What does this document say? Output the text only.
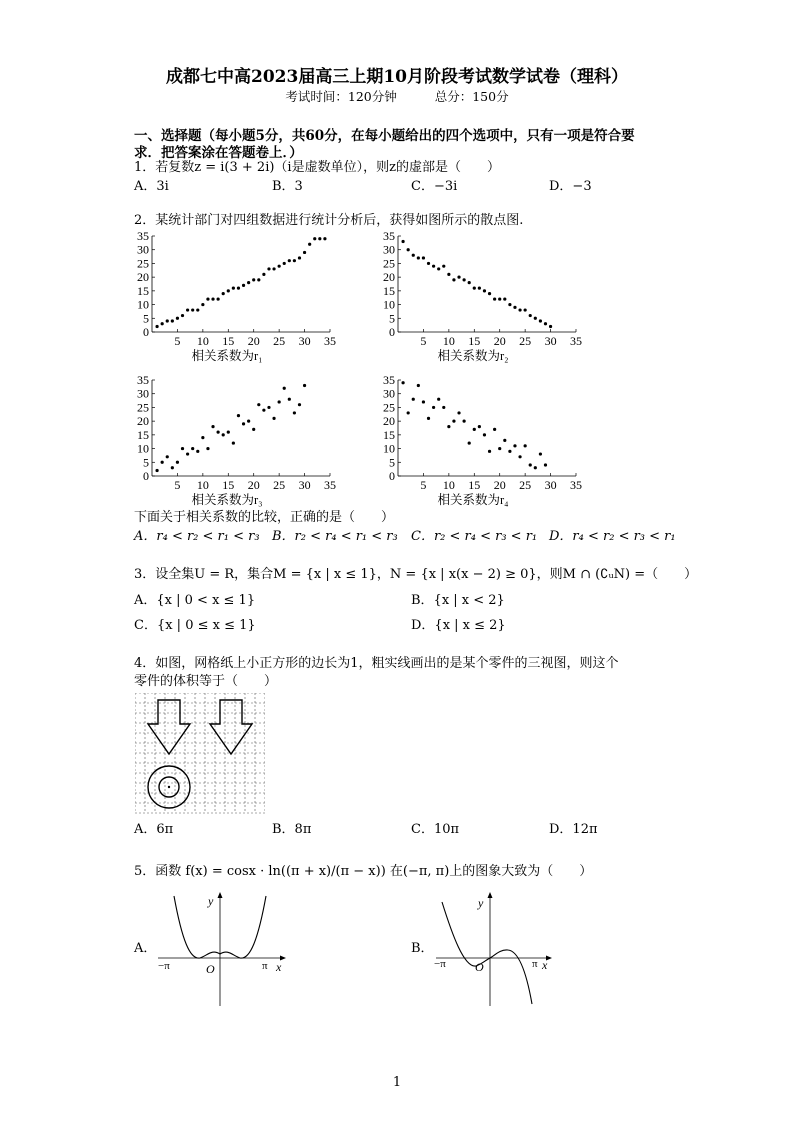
成都七中高2023届高三上期10月阶段考试数学试卷（理科）
考试时间：120分钟	总分：150分
一、选择题（每小题5分，共60分，在每小题给出的四个选项中，只有一项是符合要
求．把答案涂在答题卷上．）
1．若复数z = i(3 + 2i)（i是虚数单位），则z的虚部是（　　）
A．3i	B．3	C．−3i	D．−3
2．某统计部门对四组数据进行统计分析后，获得如图所示的散点图.
0
5
10
15
20
25
30
35
5 10 15 20 25 30 35
相关系数为r₁
0
5
10
15
20
25
30
35
5 10 15 20 25 30 35
相关系数为r₂
0
5
10
15
20
25
30
35
5 10 15 20 25 30 35
相关系数为r₃
0
5
10
15
20
25
30
35
5 10 15 20 25 30 35
相关系数为r₄
下面关于相关系数的比较，正确的是（　　）
A．r₄ < r₂ < r₁ < r₃ B．r₂ < r₄ < r₁ < r₃ C．r₂ < r₄ < r₃ < r₁ D．r₄ < r₂ < r₃ < r₁
3．设全集U = R，集合M = {x | x ≤ 1}，N = {x | x(x − 2) ≥ 0}，则M ∩ (∁ᵤN) =（　　）
A．{x | 0 < x ≤ 1}	B．{x | x < 2}
C．{x | 0 ≤ x ≤ 1}	D．{x | x ≤ 2}
4．如图，网格纸上小正方形的边长为1，粗实线画出的是某个零件的三视图，则这个
零件的体积等于（　　）
A．6π	B．8π	C．10π	D．12π
5．函数 f(x) = cosx · ln((π + x)/(π − x)) 在(−π, π)上的图象大致为（　　）
A．
y
x
O
−π	π
B．
y
x
O
−π	π
1
